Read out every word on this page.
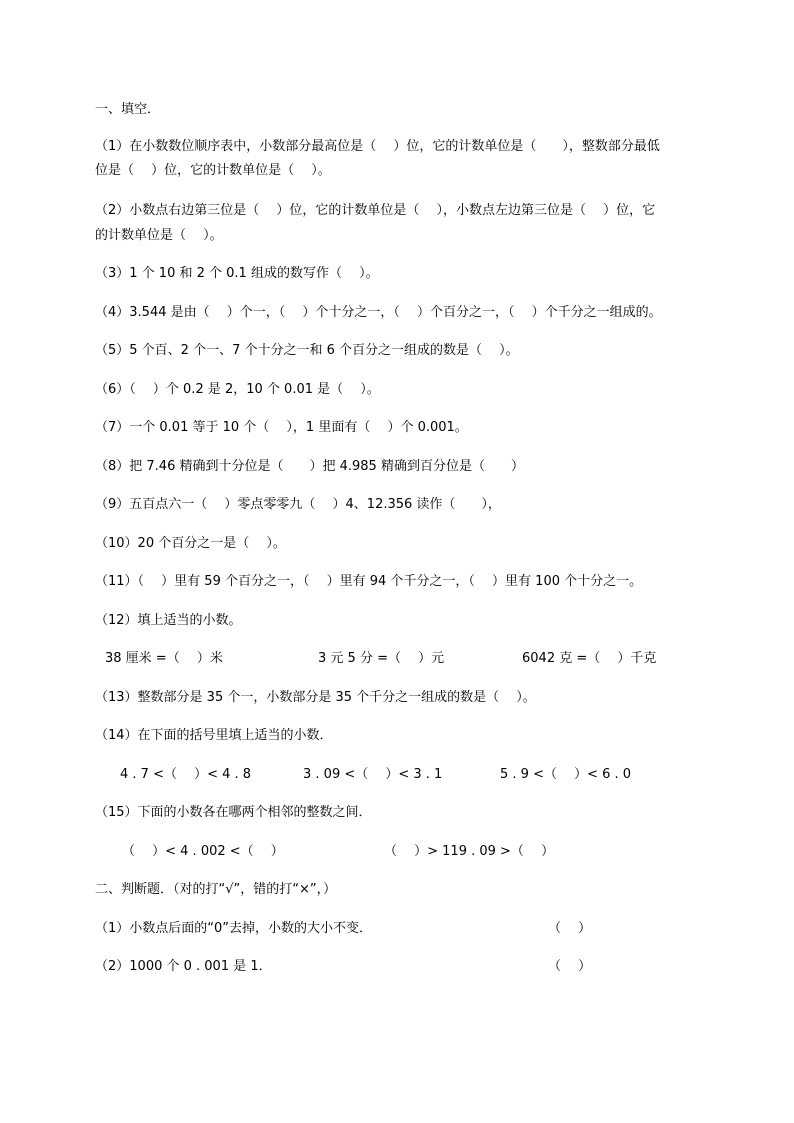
一、填空．
（1）在小数数位顺序表中，小数部分最高位是（　 ）位，它的计数单位是（　　），整数部分最低
位是（　 ）位，它的计数单位是（　 ）。
（2）小数点右边第三位是（　 ）位，它的计数单位是（　 ），小数点左边第三位是（　 ）位，它
的计数单位是（　 ）。
（3）1 个 10 和 2 个 0.1 组成的数写作（　 ）。
（4）3.544 是由（　 ）个一，（　 ）个十分之一，（　 ）个百分之一，（　 ）个千分之一组成的。
（5）5 个百、2 个一、7 个十分之一和 6 个百分之一组成的数是（　 ）。
（6）（　 ）个 0.2 是 2，10 个 0.01 是（　 ）。
（7）一个 0.01 等于 10 个（　 ），1 里面有（　 ）个 0.001。
（8）把 7.46 精确到十分位是（　　）把 4.985 精确到百分位是（　　）
（9）五百点六一（　 ）零点零零九（　 ）4、12.356 读作（　　），
（10）20 个百分之一是（　 ）。
（11）（　 ）里有 59 个百分之一，（　 ）里有 94 个千分之一，（　 ）里有 100 个十分之一。
（12）填上适当的小数。
38 厘米 =（　 ）米	3 元 5 分 =（　 ）元	6042 克 =（　 ）千克
（13）整数部分是 35 个一，小数部分是 35 个千分之一组成的数是（　 ）。
（14）在下面的括号里填上适当的小数．
4 . 7 <（　 ）< 4 . 8	3 . 09 <（　 ）< 3 . 1	5 . 9 <（　 ）< 6 . 0
（15）下面的小数各在哪两个相邻的整数之间．
（　 ）< 4 . 002 <（　 ）	（　 ）> 119 . 09 >（　 ）
二、判断题．（对的打“√”，错的打“×”，）
（1）小数点后面的“0”去掉，小数的大小不变．	（　 ）
（2）1000 个 0 . 001 是 1．	（　 ）
